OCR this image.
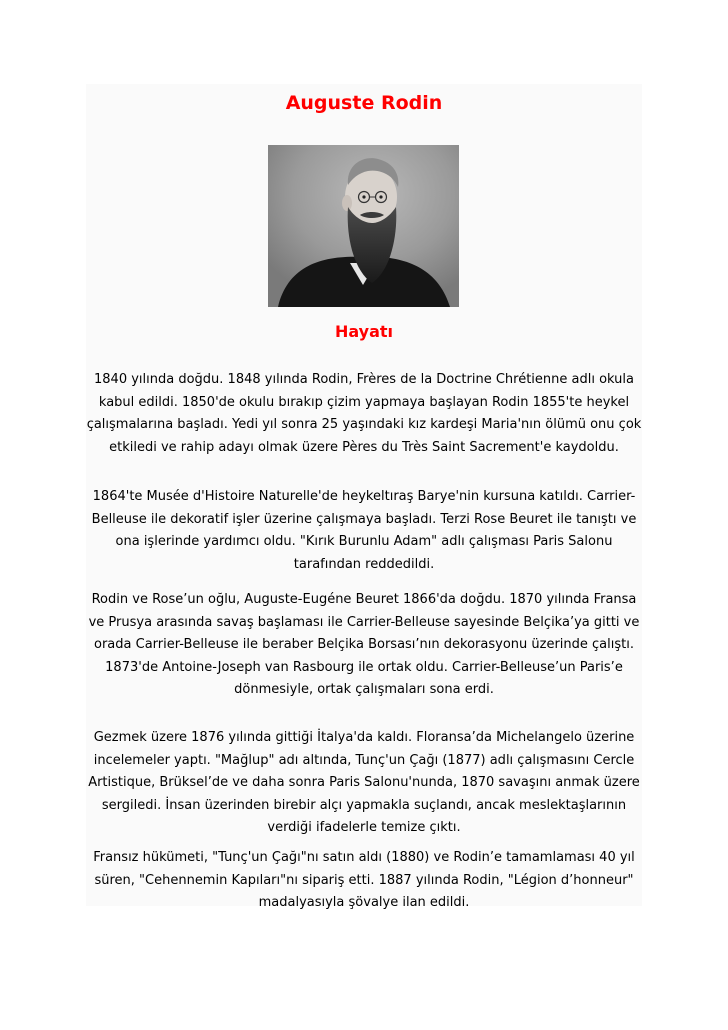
Auguste Rodin
Hayatı

1840 yılında doğdu. 1848 yılında Rodin, Frères de la Doctrine Chrétienne adlı okula kabul edildi. 1850'de okulu bırakıp çizim yapmaya başlayan Rodin 1855'te heykel çalışmalarına başladı. Yedi yıl sonra 25 yaşındaki kız kardeşi Maria'nın ölümü onu çok etkiledi ve rahip adayı olmak üzere Pères du Très Saint Sacrement'e kaydoldu.

1864'te Musée d'Histoire Naturelle'de heykeltıraş Barye'nin kursuna katıldı. Carrier-Belleuse ile dekoratif işler üzerine çalışmaya başladı. Terzi Rose Beuret ile tanıştı ve ona işlerinde yardımcı oldu. "Kırık Burunlu Adam" adlı çalışması Paris Salonu tarafından reddedildi.

Rodin ve Rose’un oğlu, Auguste-Eugéne Beuret 1866'da doğdu. 1870 yılında Fransa ve Prusya arasında savaş başlaması ile Carrier-Belleuse sayesinde Belçika’ya gitti ve orada Carrier-Belleuse ile beraber Belçika Borsası’nın dekorasyonu üzerinde çalıştı. 1873'de Antoine-Joseph van Rasbourg ile ortak oldu. Carrier-Belleuse’un Paris’e dönmesiyle, ortak çalışmaları sona erdi.

Gezmek üzere 1876 yılında gittiği İtalya'da kaldı. Floransa’da Michelangelo üzerine incelemeler yaptı. "Mağlup" adı altında, Tunç'un Çağı (1877) adlı çalışmasını Cercle Artistique, Brüksel’de ve daha sonra Paris Salonu'nunda, 1870 savaşını anmak üzere sergiledi. İnsan üzerinden birebir alçı yapmakla suçlandı, ancak meslektaşlarının verdiği ifadelerle temize çıktı.

Fransız hükümeti, "Tunç'un Çağı"nı satın aldı (1880) ve Rodin’e tamamlaması 40 yıl süren, "Cehennemin Kapıları"nı sipariş etti. 1887 yılında Rodin, "Légion d’honneur" madalyasıyla şövalye ilan edildi.
